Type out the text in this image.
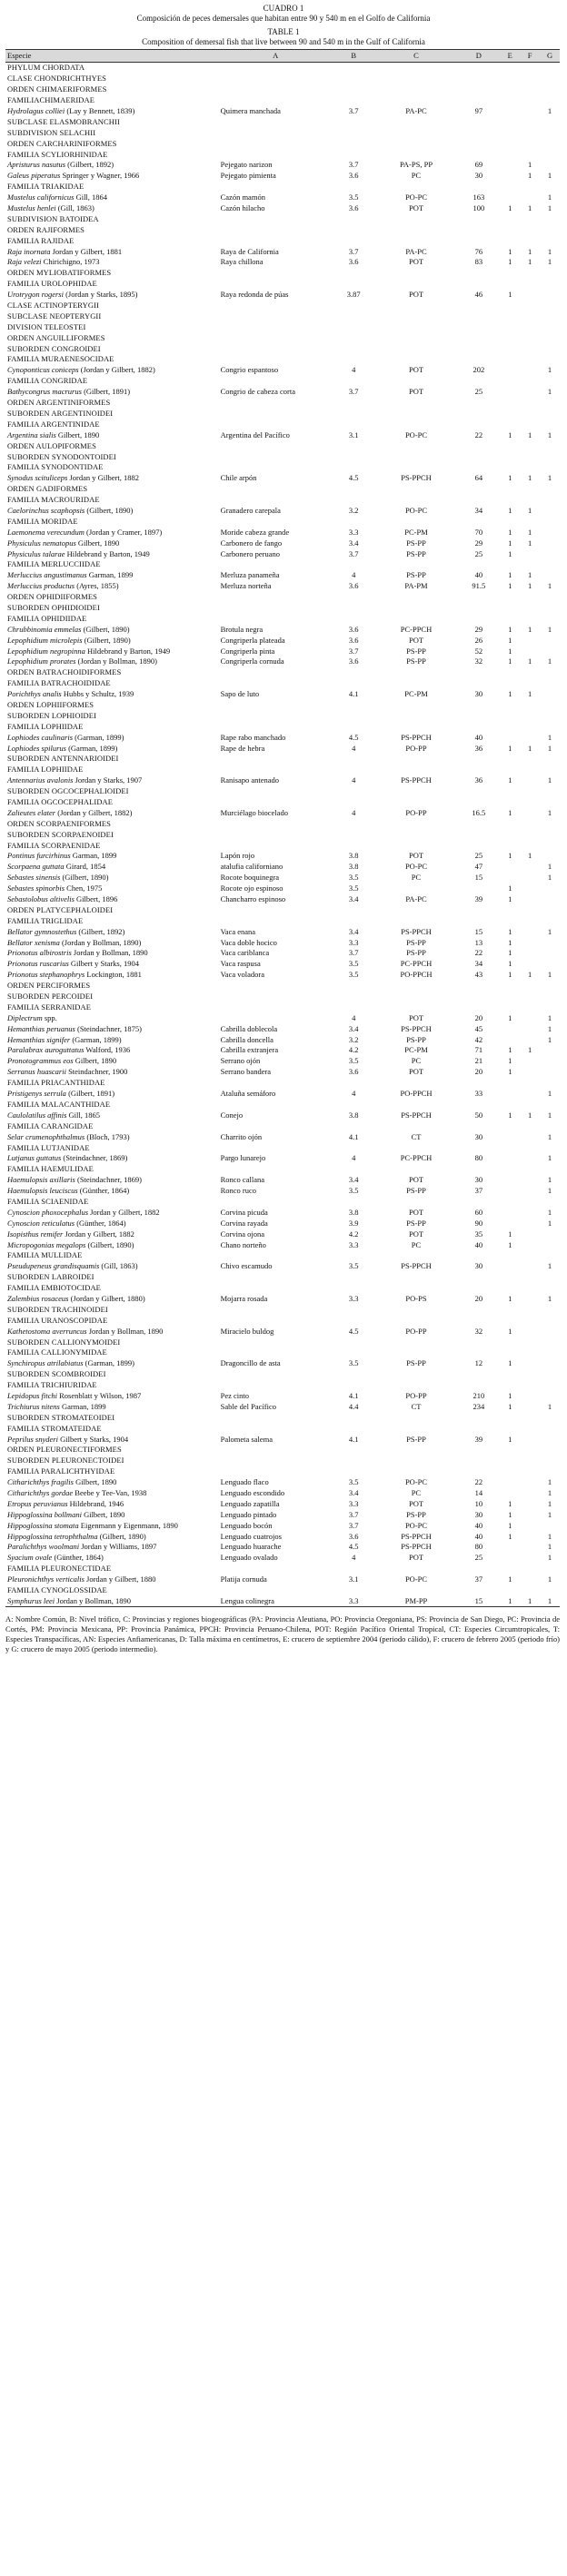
CUADRO 1
Composición de peces demersales que habitan entre 90 y 540 m en el Golfo de California
TABLE 1
Composition of demersal fish that live between 90 and 540 m in the Gulf of California
Especie	A	B	C	D	E	F	G
PHYLUM CHORDATA							
CLASE CHONDRICHTHYES							
ORDEN CHIMAERIFORMES							
FAMILIACHIMAERIDAE							
Hydrolagus colliei (Lay y Bennett, 1839)	Quimera manchada	3.7	PA-PC	97			1
SUBCLASE ELASMOBRANCHII							
SUBDIVISION SELACHII							
ORDEN CARCHARINIFORMES							
FAMILIA SCYLIORHINIDAE							
Apristurus nasutus (Gilbert, 1892)	Pejegato narizon	3.7	PA-PS, PP	69		1	
Galeus piperatus Springer y Wagner, 1966	Pejegato pimienta	3.6	PC	30		1	1
FAMILIA TRIAKIDAE							
Mustelus californicus Gill, 1864	Cazón mamón	3.5	PO-PC	163			1
Mustelus henlei (Gill, 1863)	Cazón hilacho	3.6	POT	100	1	1	1
SUBDIVISION BATOIDEA							
ORDEN RAJIFORMES							
FAMILIA RAJIDAE							
Raja inornata Jordan y Gilbert, 1881	Raya de California	3.7	PA-PC	76	1	1	1
Raja velezi Chirichigno, 1973	Raya chillona	3.6	POT	83	1	1	1
ORDEN MYLIOBATIFORMES							
FAMILIA UROLOPHIDAE							
Urotrygon rogersi (Jordan y Starks, 1895)	Raya redonda de púas	3.87	POT	46	1		
CLASE ACTINOPTERYGII							
SUBCLASE NEOPTERYGII							
DIVISION TELEOSTEI							
ORDEN ANGUILLIFORMES							
SUBORDEN CONGROIDEI							
FAMILIA MURAENESOCIDAE							
Cynoponticus coniceps (Jordan y Gilbert, 1882)	Congrio espantoso	4	POT	202			1
FAMILIA CONGRIDAE							
Bathycongrus macrurus (Gilbert, 1891)	Congrio de cabeza corta	3.7	POT	25			1
ORDEN ARGENTINIFORMES							
SUBORDEN ARGENTINOIDEI							
FAMILIA ARGENTINIDAE							
Argentina sialis Gilbert, 1890	Argentina del Pacífico	3.1	PO-PC	22	1	1	1
ORDEN AULOPIFORMES							
SUBORDEN SYNODONTOIDEI							
FAMILIA SYNODONTIDAE							
Synodus scituliceps Jordan y Gilbert, 1882	Chile arpón	4.5	PS-PPCH	64	1	1	1
ORDEN GADIFORMES							
FAMILIA MACROURIDAE							
Caelorinchus scaphopsis (Gilbert, 1890)	Granadero carepala	3.2	PO-PC	34	1	1	
FAMILIA MORIDAE							
Laemonema verecundum (Jordan y Cramer, 1897)	Moride cabeza grande	3.3	PC-PM	70	1	1	
Physiculus nematopus Gilbert, 1890	Carbonero de fango	3.4	PS-PP	29	1	1	
Physiculus talarae Hildebrand y Barton, 1949	Carbonero peruano	3.7	PS-PP	25	1		
FAMILIA MERLUCCIIDAE							
Merluccius angustimanus Garman, 1899	Merluza panameña	4	PS-PP	40	1	1	
Merluccius productus (Ayres, 1855)	Merluza norteña	3.6	PA-PM	91.5	1	1	1
ORDEN OPHIDIIFORMES							
SUBORDEN OPHIDIOIDEI							
FAMILIA OPHIDIIDAE							
Chrubbinomia emmelas (Gilbert, 1890)	Brotula negra	3.6	PC-PPCH	29	1	1	1
Lepophidium microlepis (Gilbert, 1890)	Congriperla plateada	3.6	POT	26	1		
Lepophidium negropinna Hildebrand y Barton, 1949	Congriperla pinta	3.7	PS-PP	52	1		
Lepophidium prorates (Jordan y Bollman, 1890)	Congriperla cornuda	3.6	PS-PP	32	1	1	1
ORDEN BATRACHOIDIFORMES							
FAMILIA BATRACHOIDIDAE							
Porichthys analis Hubbs y Schultz, 1939	Sapo de luto	4.1	PC-PM	30	1	1	
ORDEN LOPHIIFORMES							
SUBORDEN LOPHIOIDEI							
FAMILIA LOPHIIDAE							
Lophiodes caulinaris (Garman, 1899)	Rape rabo manchado	4.5	PS-PPCH	40			1
Lophiodes spilurus (Garman, 1899)	Rape de hebra	4	PO-PP	36	1	1	1
SUBORDEN ANTENNARIOIDEI							
FAMILIA LOPHIIDAE							
Antennarius avalonis Jordan y Starks, 1907	Ranisapo antenado	4	PS-PPCH	36	1		1
SUBORDEN OGCOCEPHALIOIDEI							
FAMILIA OGCOCEPHALIDAE							
Zalieutes elater (Jordan y Gilbert, 1882)	Murciélago biocelado	4	PO-PP	16.5	1		1
ORDEN SCORPAENIFORMES							
SUBORDEN SCORPAENOIDEI							
FAMILIA SCORPAENIDAE							
Pontinus furcirhinus Garman, 1899	Lapón rojo	3.8	POT	25	1	1	
Scorpaena guttata Girard, 1854	atalufia californiano	3.8	PO-PC	47			1
Sebastes sinensis (Gilbert, 1890)	Rocote boquinegra	3.5	PC	15			1
Sebastes spinorbis Chen, 1975	Rocote ojo espinoso	3.5			1		
Sebastolobus altivelis Gilbert, 1896	Chancharro espinoso	3.4	PA-PC	39	1		
ORDEN PLATYCEPHALOIDEI							
FAMILIA TRIGLIDAE							
Bellator gymnostethus (Gilbert, 1892)	Vaca enana	3.4	PS-PPCH	15	1		1
Bellator xenisma (Jordan y Bollman, 1890)	Vaca doble hocico	3.3	PS-PP	13	1		
Prionotus albirostris Jordan y Bollman, 1890	Vaca cariblanca	3.7	PS-PP	22	1		
Prionotus ruscarius Gilbert y Starks, 1904	Vaca raspusa	3.5	PC-PPCH	34	1		
Prionotus stephanophrys Lockington, 1881	Vaca voladora	3.5	PO-PPCH	43	1	1	1
ORDEN PERCIFORMES							
SUBORDEN PERCOIDEI							
FAMILIA SERRANIDAE							
Diplectrum spp.		4	POT	20	1		1
Hemanthias peruanus (Steindachner, 1875)	Cabrilla doblecola	3.4	PS-PPCH	45			1
Hemanthias signifer (Garman, 1899)	Cabrilla doncella	3.2	PS-PP	42			1
Paralabrax auroguttatus Walford, 1936	Cabrilla extranjera	4.2	PC-PM	71	1	1	
Pronotogrammus eos Gilbert, 1890	Serrano ojón	3.5	PC	21	1		
Serranus huascarii Steindachner, 1900	Serrano bandera	3.6	POT	20	1		
FAMILIA PRIACANTHIDAE							
Pristigenys serrula (Gilbert, 1891)	Ataluña semáforo	4	PO-PPCH	33			1
FAMILIA MALACANTHIDAE							
Caulolatilus affinis Gill, 1865	Conejo	3.8	PS-PPCH	50	1	1	1
FAMILIA CARANGIDAE							
Selar crumenophthalmus (Bloch, 1793)	Charrito ojón	4.1	CT	30			1
FAMILIA LUTJANIDAE							
Lutjanus guttatus (Steindachner, 1869)	Pargo lunarejo	4	PC-PPCH	80			1
FAMILIA HAEMULIDAE							
Haemulopsis axillaris (Steindachner, 1869)	Ronco callana	3.4	POT	30			1
Haemulopsis leuciscus (Günther, 1864)	Ronco ruco	3.5	PS-PP	37			1
FAMILIA SCIAENIDAE							
Cynoscion phoxocephalus Jordan y Gilbert, 1882	Corvina picuda	3.8	POT	60			1
Cynoscion reticulatus (Günther, 1864)	Corvina rayada	3.9	PS-PP	90			1
Isopisthus remifer Jordan y Gilbert, 1882	Corvina ojona	4.2	POT	35	1		
Micropogonias megalops (Gilbert, 1890)	Chano norteño	3.3	PC	40	1		
FAMILIA MULLIDAE							
Pseudupeneus grandisquamis (Gill, 1863)	Chivo escamudo	3.5	PS-PPCH	30			1
SUBORDEN LABROIDEI							
FAMILIA EMBIOTOCIDAE							
Zalembius rosaceus (Jordan y Gilbert, 1880)	Mojarra rosada	3.3	PO-PS	20	1		1
SUBORDEN TRACHINOIDEI							
FAMILIA URANOSCOPIDAE							
Kathetostoma averruncus Jordan y Bollman, 1890	Miracielo buldog	4.5	PO-PP	32	1		
SUBORDEN CALLIONYMOIDEI							
FAMILIA CALLIONYMIDAE							
Synchiropus atrilabiatus (Garman, 1899)	Dragoncillo de asta	3.5	PS-PP	12	1		
SUBORDEN SCOMBROIDEI							
FAMILIA TRICHIURIDAE							
Lepidopus fitchi Rosenblatt y Wilson, 1987	Pez cinto	4.1	PO-PP	210	1		
Trichiurus nitens Garman, 1899	Sable del Pacífico	4.4	CT	234	1		1
SUBORDEN STROMATEOIDEI							
FAMILIA STROMATEIDAE							
Peprilus snyderi Gilbert y Starks, 1904	Palometa salema	4.1	PS-PP	39	1		
ORDEN PLEURONECTIFORMES							
SUBORDEN PLEURONECTOIDEI							
FAMILIA PARALICHTHYIDAE							
Citharichthys fragilis Gilbert, 1890	Lenguado flaco	3.5	PO-PC	22			1
Citharichthys gordae Beebe y Tee-Van, 1938	Lenguado escondido	3.4	PC	14			1
Etropus peruvianus Hildebrand, 1946	Lenguado zapatilla	3.3	POT	10	1		1
Hippoglossina bollmani Gilbert, 1890	Lenguado pintado	3.7	PS-PP	30	1		1
Hippoglossina stomata Eigenmann y Eigenmann, 1890	Lenguado bocón	3.7	PO-PC	40	1		
Hippoglossina tetrophthalma (Gilbert, 1890)	Lenguado cuatrojos	3.6	PS-PPCH	40	1		1
Paralichthys woolmani Jordan y Williams, 1897	Lenguado huarache	4.5	PS-PPCH	80			1
Syacium ovale (Günther, 1864)	Lenguado ovalado	4	POT	25			1
FAMILIA PLEURONECTIDAE							
Pleuronichthys verticalis Jordan y Gilbert, 1880	Platija cornuda	3.1	PO-PC	37	1		1
FAMILIA CYNOGLOSSIDAE							
Symphurus leei Jordan y Bollman, 1890	Lengua colinegra	3.3	PM-PP	15	1	1	1
A: Nombre Común, B: Nivel trófico, C: Provincias y regiones biogeográficas (PA: Provincia Aleutiana, PO: Provincia Oregoniana, PS: Provincia de San Diego, PC: Provincia de Cortés, PM: Provincia Mexicana, PP: Provincia Panámica, PPCH: Provincia Peruano-Chilena, POT: Región Pacífico Oriental Tropical, CT: Especies Circumtropicales, T: Especies Transpacíficas, AN: Especies Anfiamericanas, D: Talla máxima en centímetros, E: crucero de septiembre 2004 (periodo cálido), F: crucero de febrero 2005 (periodo frío) y G: crucero de mayo 2005 (periodo intermedio).
